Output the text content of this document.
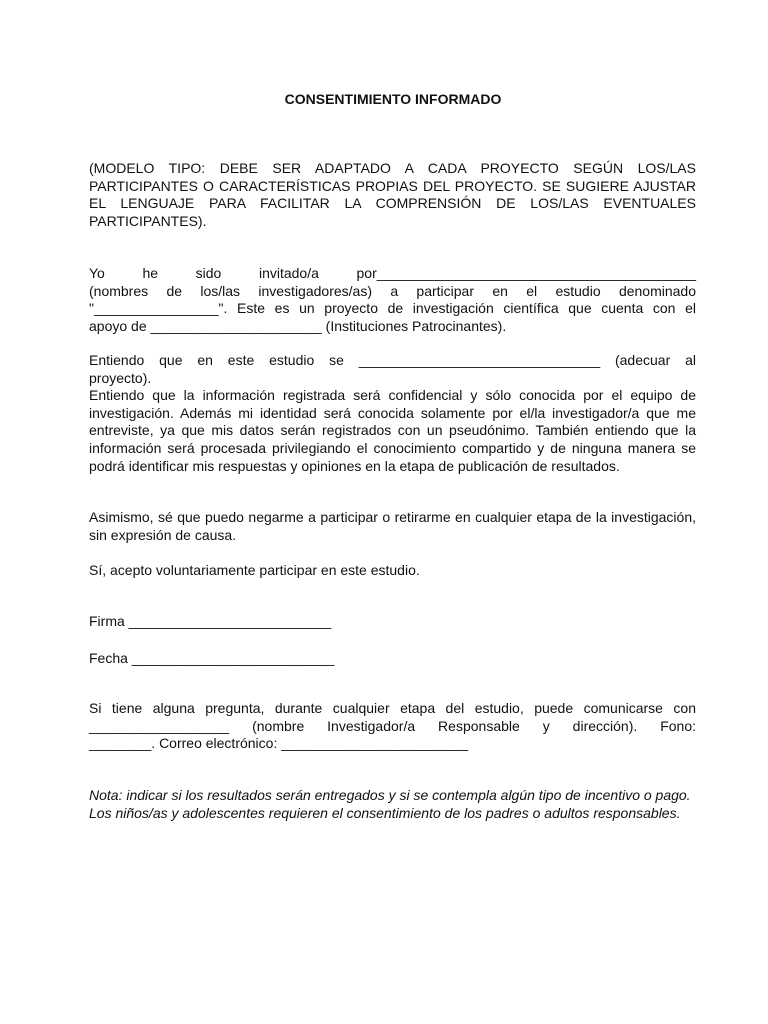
CONSENTIMIENTO INFORMADO

(MODELO TIPO: DEBE SER ADAPTADO A CADA PROYECTO SEGÚN LOS/LAS PARTICIPANTES O CARACTERÍSTICAS PROPIAS DEL PROYECTO. SE SUGIERE AJUSTAR EL LENGUAJE PARA FACILITAR LA COMPRENSIÓN DE LOS/LAS EVENTUALES PARTICIPANTES).

Yo he sido invitado/a por_________________________________________
(nombres de los/las investigadores/as) a participar en el estudio denominado
"________________". Este es un proyecto de investigación científica que cuenta con el
apoyo de ______________________ (Instituciones Patrocinantes).
Entiendo que en este estudio se _______________________________ (adecuar al
proyecto).
Entiendo que la información registrada será confidencial y sólo conocida por el equipo de investigación. Además mi identidad será conocida solamente por el/la investigador/a que me entreviste, ya que mis datos serán registrados con un pseudónimo. También entiendo que la información será procesada privilegiando el conocimiento compartido y de ninguna manera se podrá identificar mis respuestas y opiniones en la etapa de publicación de resultados.

Asimismo, sé que puedo negarme a participar o retirarme en cualquier etapa de la investigación, sin expresión de causa.

Sí, acepto voluntariamente participar en este estudio.

Firma __________________________

Fecha __________________________

Si tiene alguna pregunta, durante cualquier etapa del estudio, puede comunicarse con
__________________ (nombre Investigador/a Responsable y dirección). Fono:
________. Correo electrónico: ________________________
Nota: indicar si los resultados serán entregados y si se contempla algún tipo de incentivo o pago.
Los niños/as y adolescentes requieren el consentimiento de los padres o adultos responsables.
